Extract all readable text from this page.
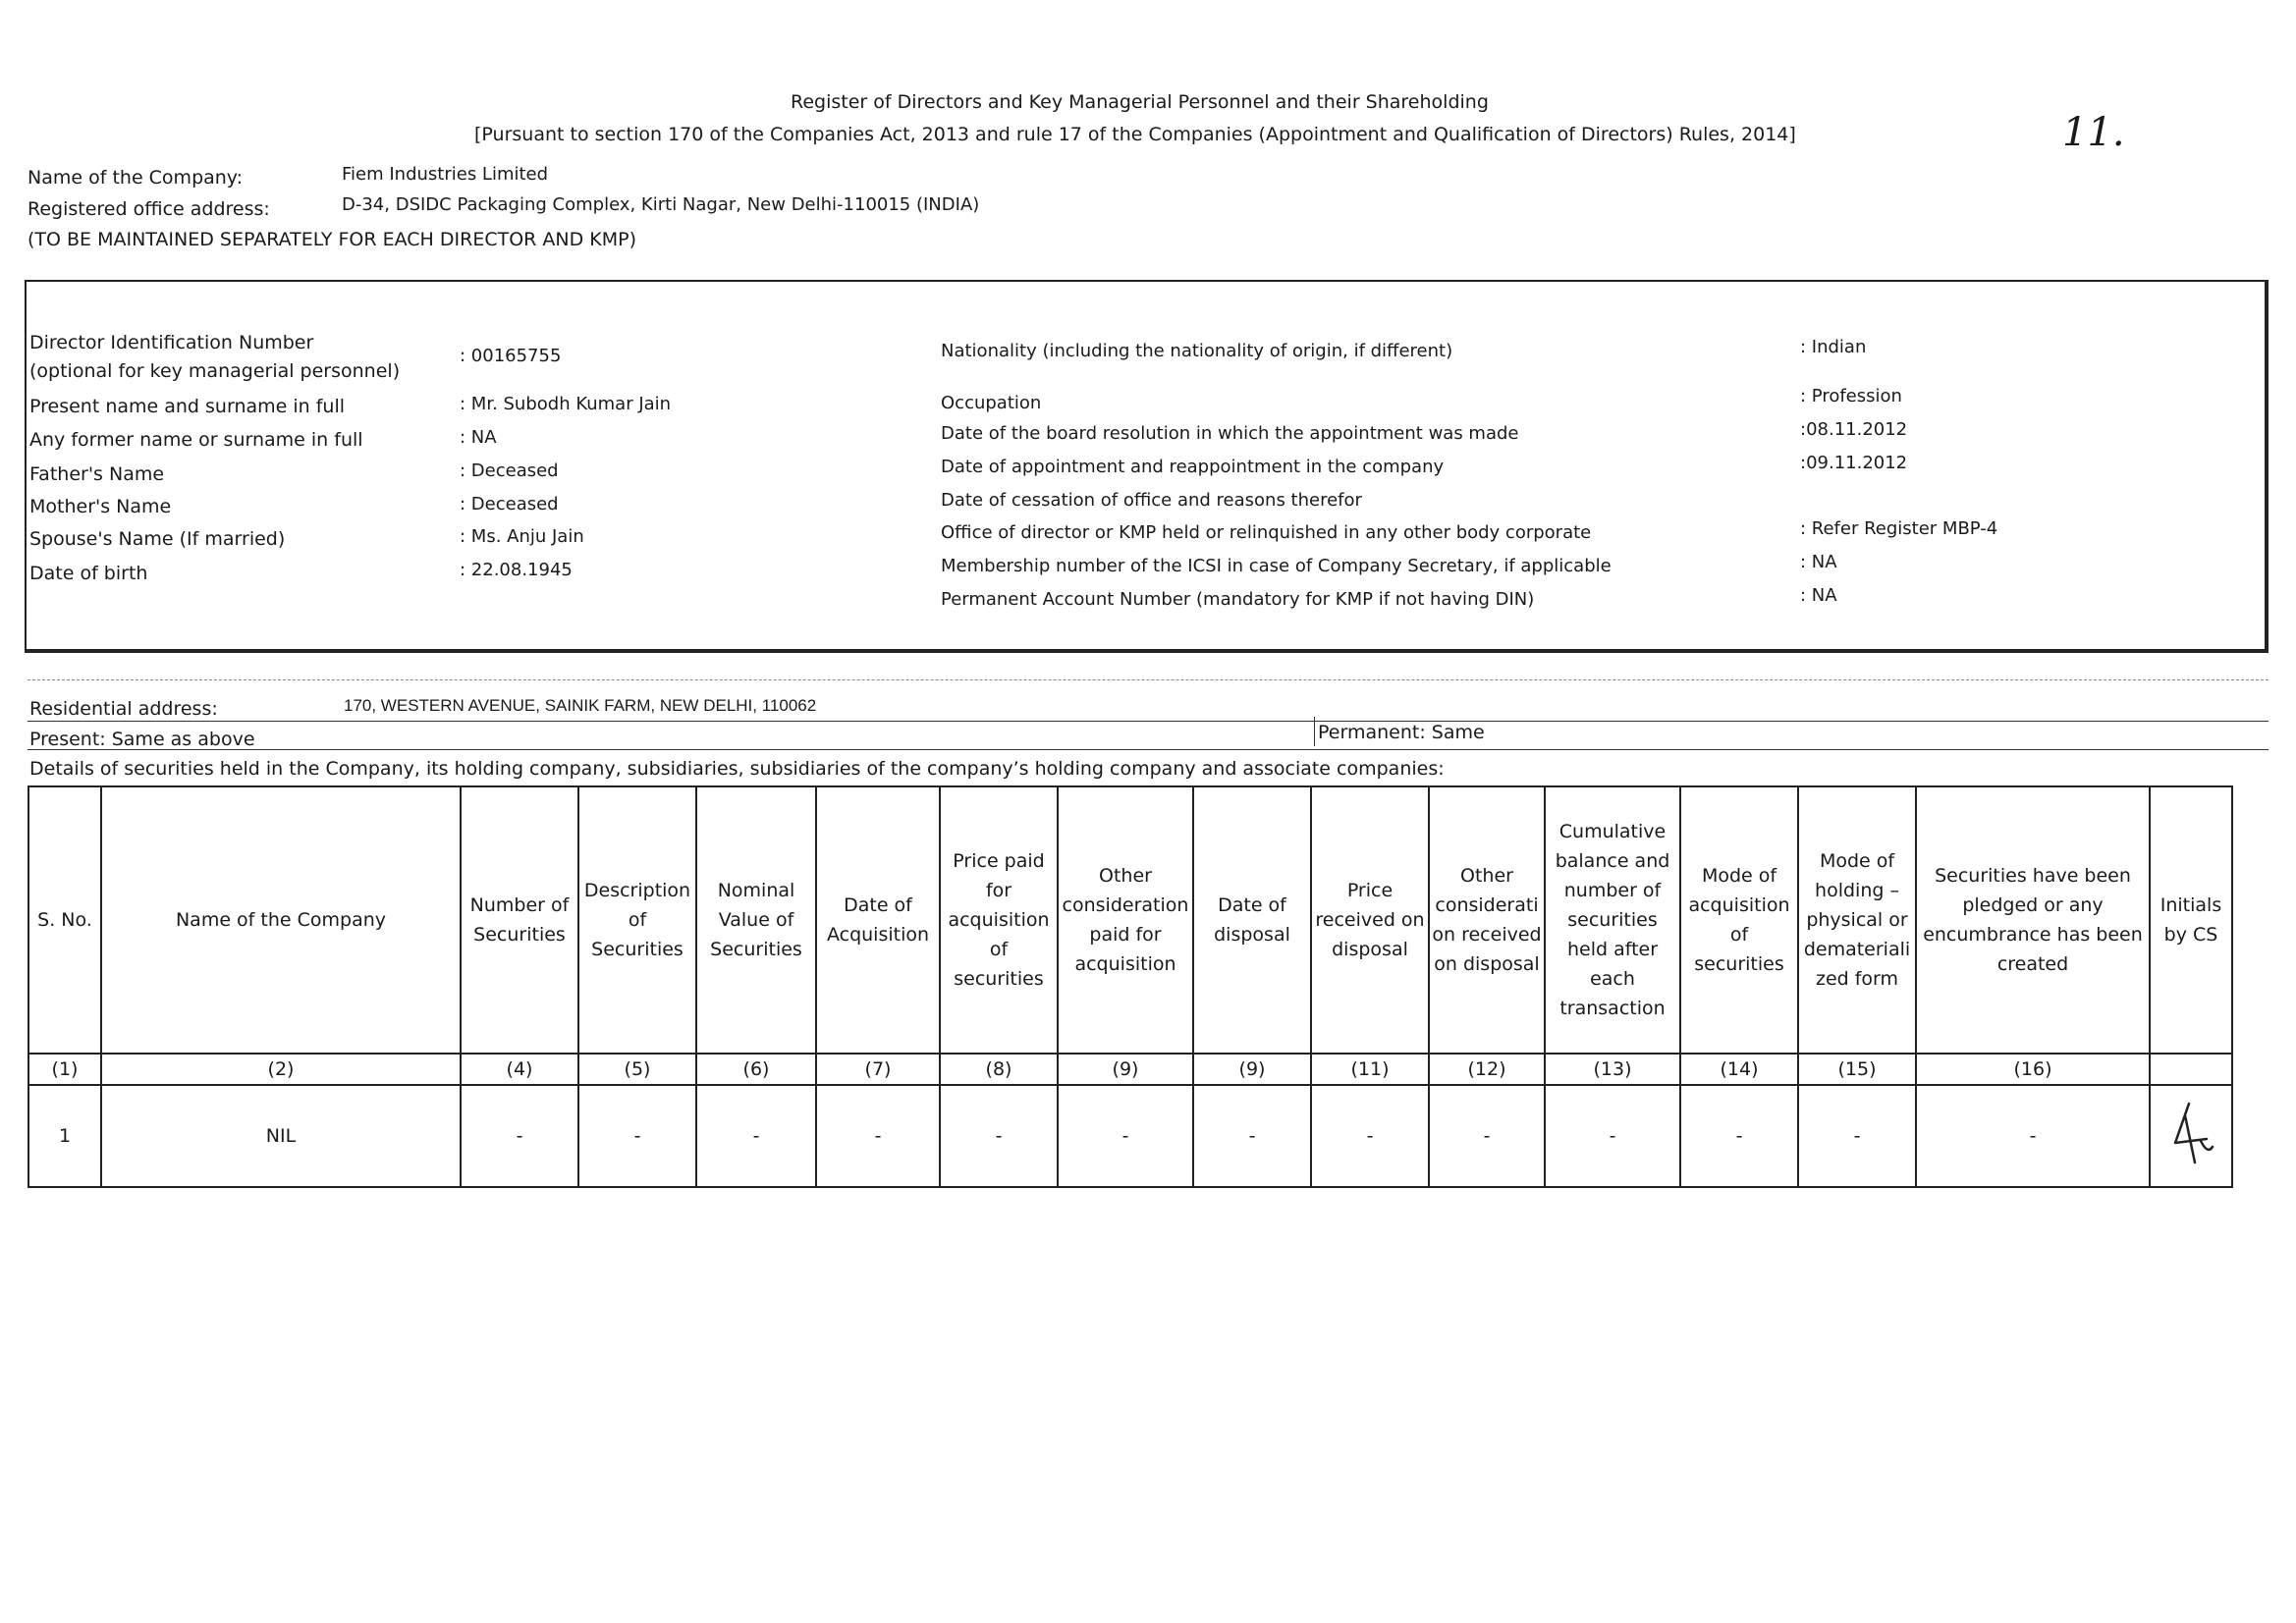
Register of Directors and Key Managerial Personnel and their Shareholding
[Pursuant to section 170 of the Companies Act, 2013 and rule 17 of the Companies (Appointment and Qualification of Directors) Rules, 2014]	11.
Name of the Company:	Fiem Industries Limited
Registered office address:	D-34, DSIDC Packaging Complex, Kirti Nagar, New Delhi-110015 (INDIA)
(TO BE MAINTAINED SEPARATELY FOR EACH DIRECTOR AND KMP)
Director Identification Number
(optional for key managerial personnel)
: 00165755
Present name and surname in full	: Mr. Subodh Kumar Jain
Any former name or surname in full	: NA
Father's Name	: Deceased
Mother's Name	: Deceased
Spouse's Name (If married)	: Ms. Anju Jain
Date of birth	: 22.08.1945
Nationality (including the nationality of origin, if different)	: Indian
Occupation	: Profession
Date of the board resolution in which the appointment was made	:08.11.2012
Date of appointment and reappointment in the company	:09.11.2012
Date of cessation of office and reasons therefor
Office of director or KMP held or relinquished in any other body corporate	: Refer Register MBP-4
Membership number of the ICSI in case of Company Secretary, if applicable	: NA
Permanent Account Number (mandatory for KMP if not having DIN)	: NA
Residential address:	170, WESTERN AVENUE, SAINIK FARM, NEW DELHI, 110062
Present: Same as above	Permanent: Same
Details of securities held in the Company, its holding company, subsidiaries, subsidiaries of the company’s holding company and associate companies:
S. No.	Name of the Company	Number of Securities	Description of Securities	Nominal Value of Securities	Date of Acquisition	Price paid for acquisition of securities	Other consideration paid for acquisition	Date of disposal	Price received on disposal	Other considerati on received on disposal	Cumulative balance and number of securities held after each transaction	Mode of acquisition of securities	Mode of holding – physical or demateriali zed form	Securities have been pledged or any encumbrance has been created	Initials by CS
(1)	(2)	(4)	(5)	(6)	(7)	(8)	(9)	(9)	(11)	(12)	(13)	(14)	(15)	(16)	
1	NIL	-	-	-	-	-	-	-	-	-	-	-	-	-	
